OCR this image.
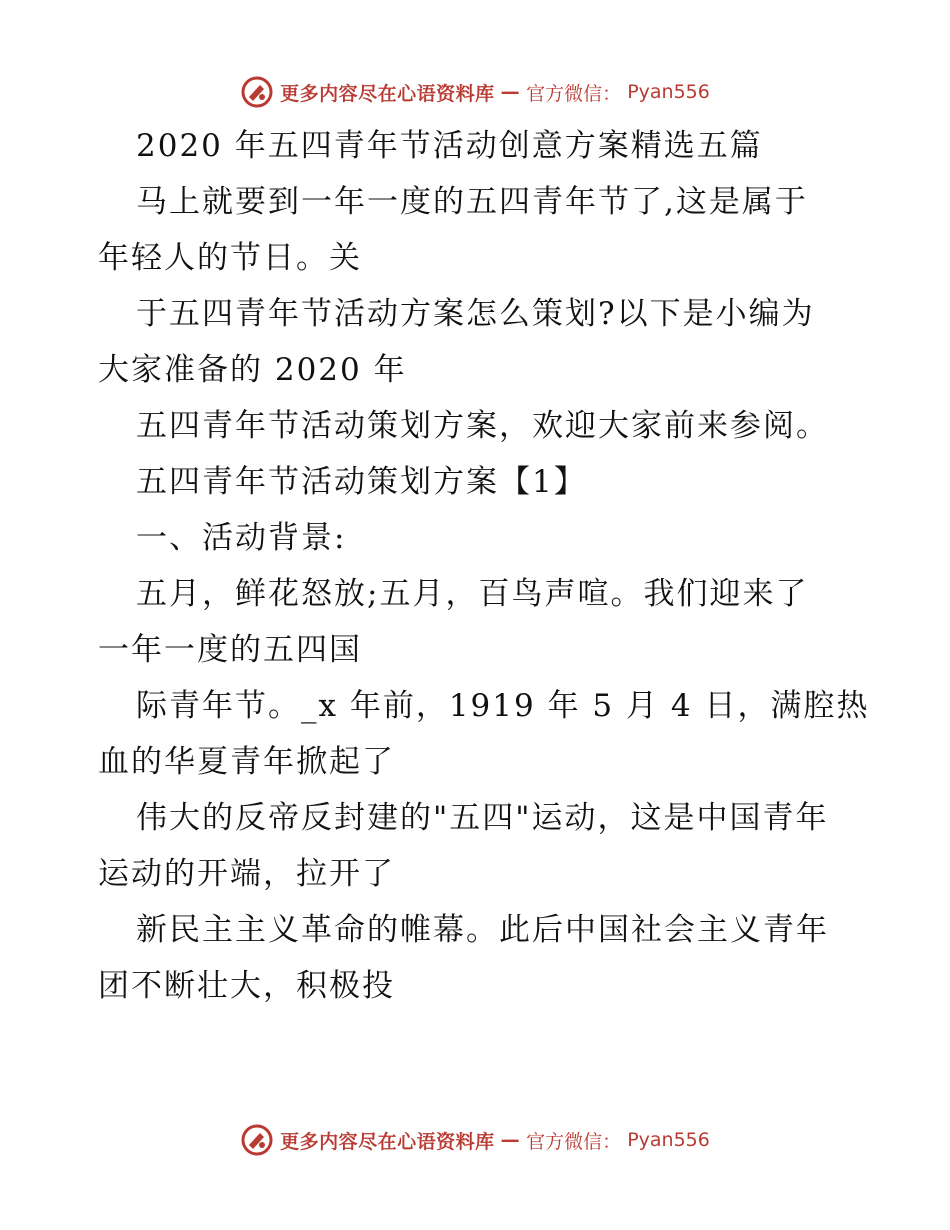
更多内容尽在心语资料库 — 官方微信： Pyan556
2020 年五四青年节活动创意方案精选五篇
马上就要到一年一度的五四青年节了,这是属于
年轻人的节日。关
于五四青年节活动方案怎么策划?以下是小编为
大家准备的 2020 年
五四青年节活动策划方案，欢迎大家前来参阅。
五四青年节活动策划方案【1】
一、活动背景:
五月，鲜花怒放;五月，百鸟声喧。我们迎来了
一年一度的五四国
际青年节。_x 年前，1919 年 5 月 4 日，满腔热
血的华夏青年掀起了
伟大的反帝反封建的"五四"运动，这是中国青年
运动的开端，拉开了
新民主主义革命的帷幕。此后中国社会主义青年
团不断壮大，积极投
更多内容尽在心语资料库 — 官方微信： Pyan556
